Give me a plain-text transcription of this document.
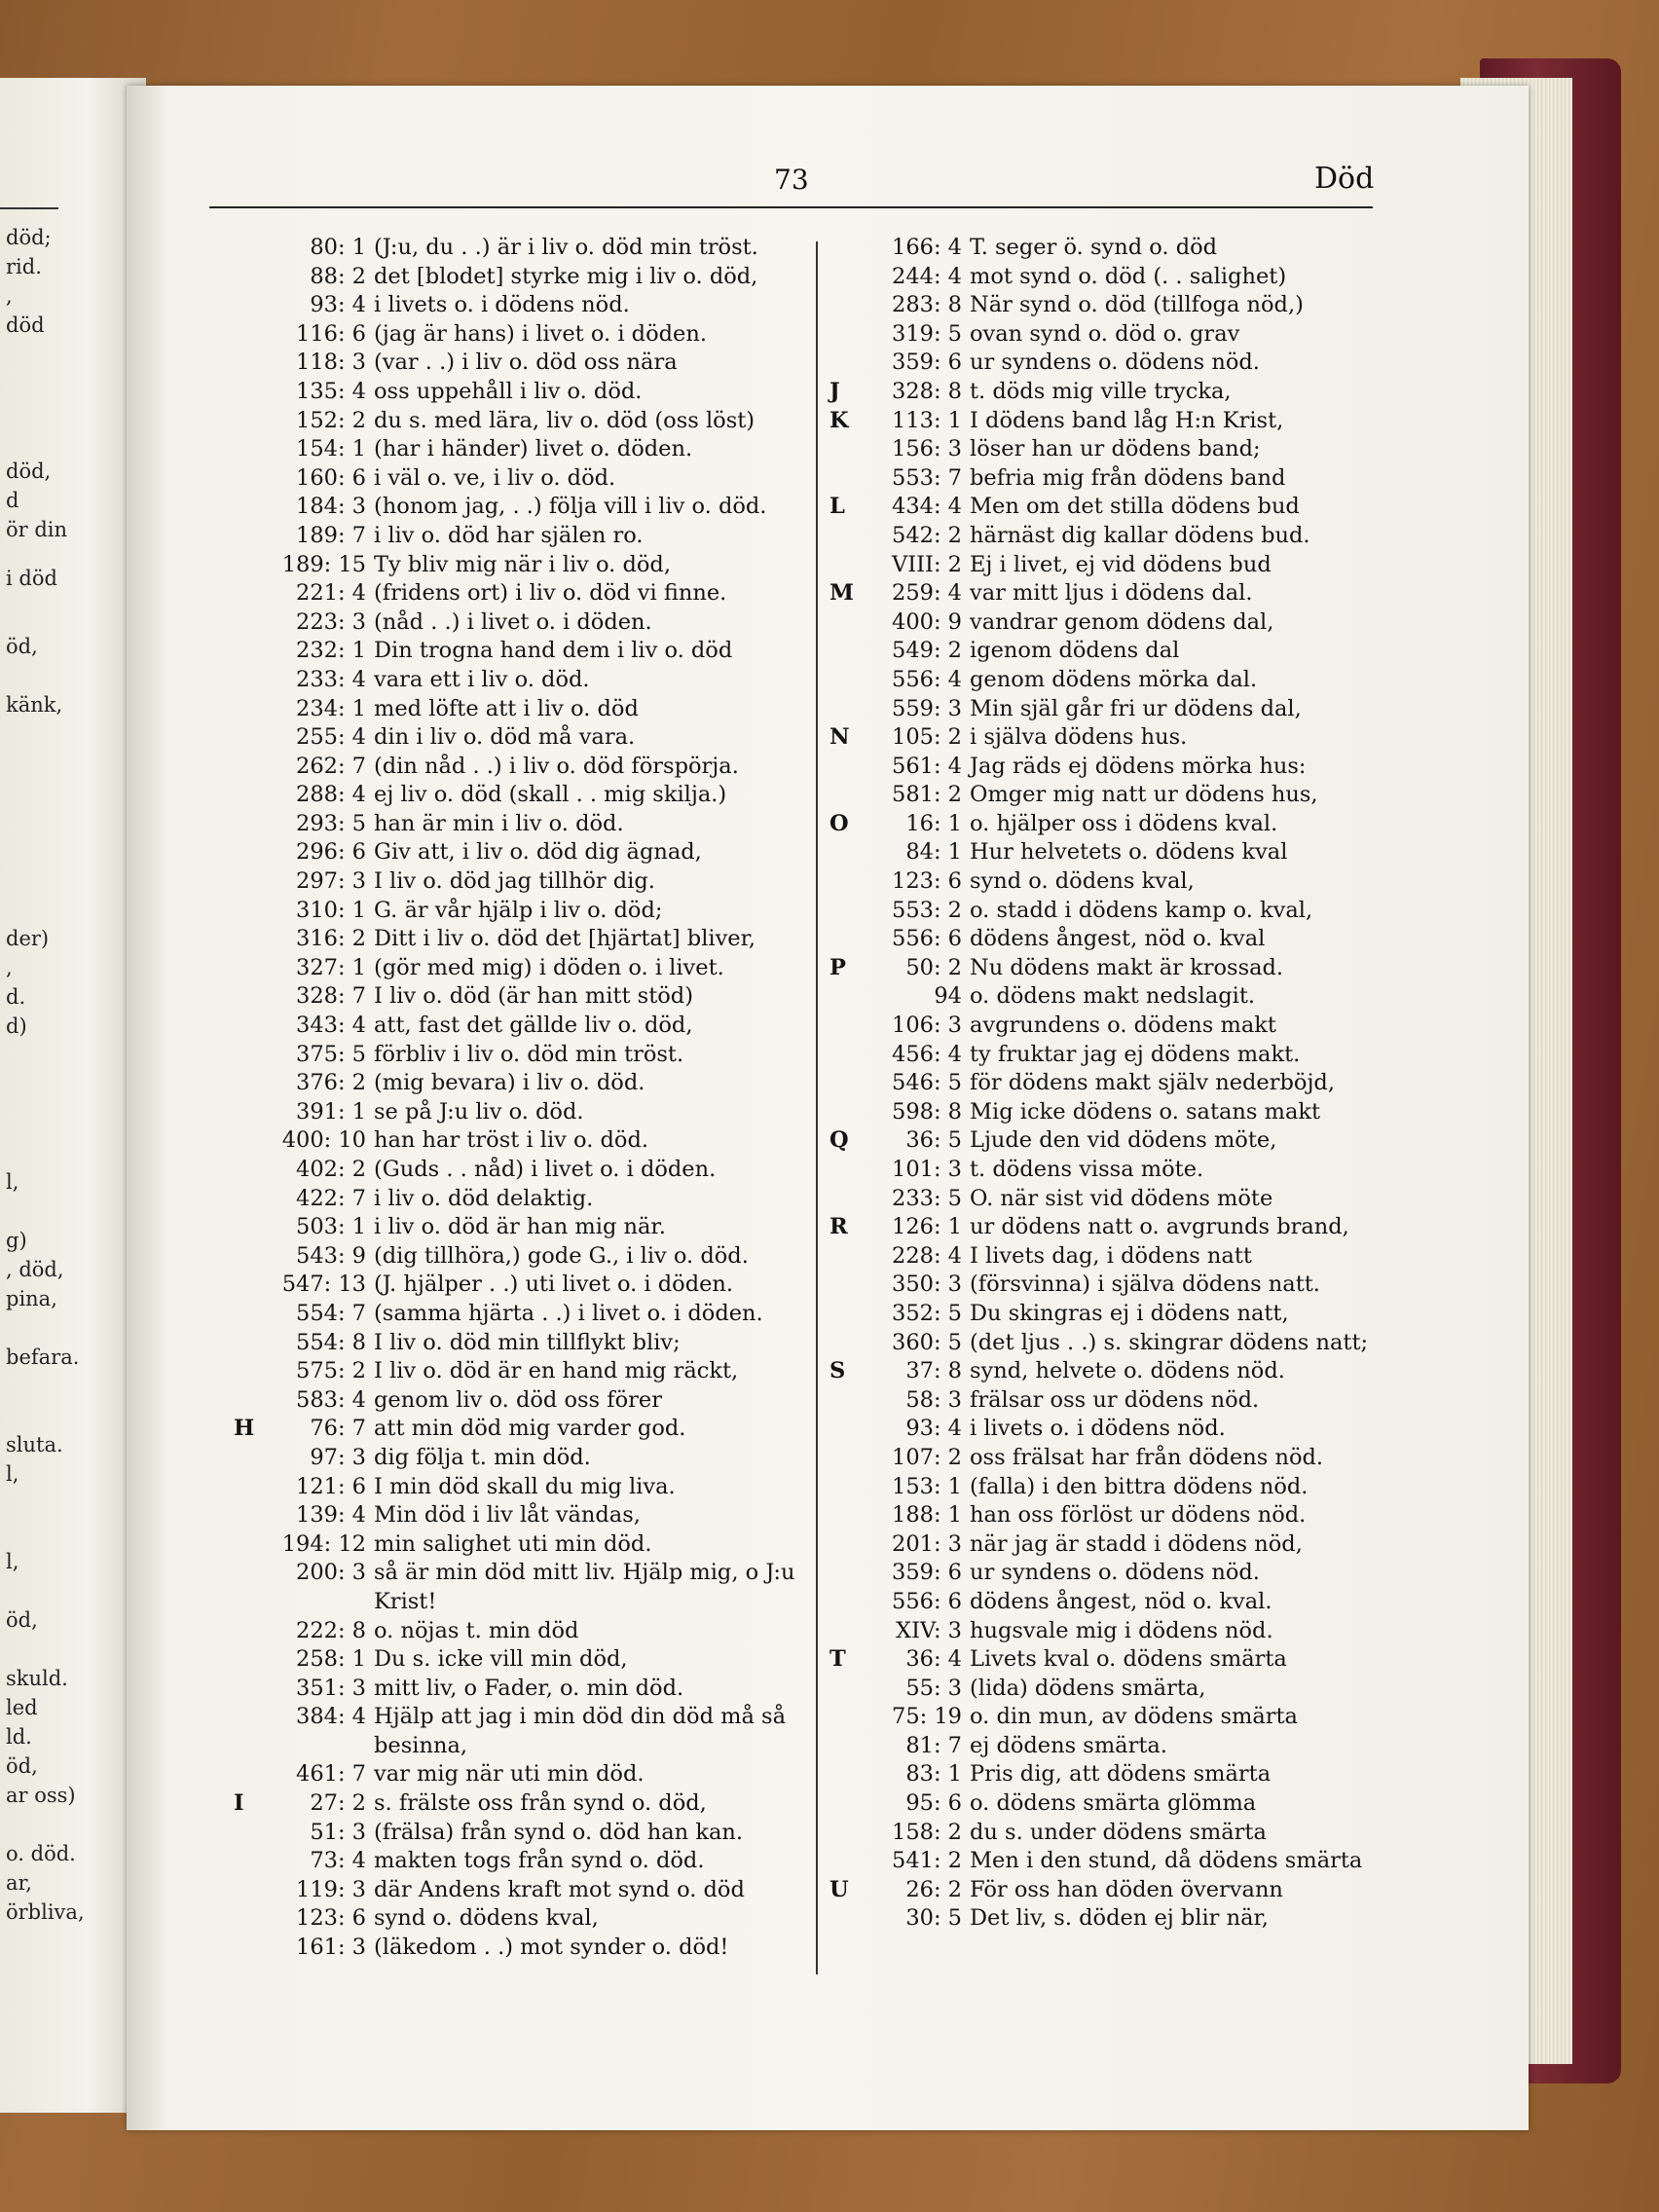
död;
rid.
,
död
död,
d
ör din
i död
öd,
känk,
der)
,
d.
d)
l,
g)
, död,
pina,
befara.
sluta.
l,
l,
öd,
skuld.
led
ld.
öd,
ar oss)
o. död.
ar,
örbliva,
73	Död
80: 1 (J:u, du . .) är i liv o. död min tröst.
88: 2 det [blodet] styrke mig i liv o. död,
93: 4 i livets o. i dödens nöd.
116: 6 (jag är hans) i livet o. i döden.
118: 3 (var . .) i liv o. död oss nära
135: 4 oss uppehåll i liv o. död.
152: 2 du s. med lära, liv o. död (oss löst)
154: 1 (har i händer) livet o. döden.
160: 6 i väl o. ve, i liv o. död.
184: 3 (honom jag, . .) följa vill i liv o. död.
189: 7 i liv o. död har själen ro.
189: 15 Ty bliv mig när i liv o. död,
221: 4 (fridens ort) i liv o. död vi finne.
223: 3 (nåd . .) i livet o. i döden.
232: 1 Din trogna hand dem i liv o. död
233: 4 vara ett i liv o. död.
234: 1 med löfte att i liv o. död
255: 4 din i liv o. död må vara.
262: 7 (din nåd . .) i liv o. död förspörja.
288: 4 ej liv o. död (skall . . mig skilja.)
293: 5 han är min i liv o. död.
296: 6 Giv att, i liv o. död dig ägnad,
297: 3 I liv o. död jag tillhör dig.
310: 1 G. är vår hjälp i liv o. död;
316: 2 Ditt i liv o. död det [hjärtat] bliver,
327: 1 (gör med mig) i döden o. i livet.
328: 7 I liv o. död (är han mitt stöd)
343: 4 att, fast det gällde liv o. död,
375: 5 förbliv i liv o. död min tröst.
376: 2 (mig bevara) i liv o. död.
391: 1 se på J:u liv o. död.
400: 10 han har tröst i liv o. död.
402: 2 (Guds . . nåd) i livet o. i döden.
422: 7 i liv o. död delaktig.
503: 1 i liv o. död är han mig när.
543: 9 (dig tillhöra,) gode G., i liv o. död.
547: 13 (J. hjälper . .) uti livet o. i döden.
554: 7 (samma hjärta . .) i livet o. i döden.
554: 8 I liv o. död min tillflykt bliv;
575: 2 I liv o. död är en hand mig räckt,
583: 4 genom liv o. död oss förer
H	76: 7 att min död mig varder god.
97: 3 dig följa t. min död.
121: 6 I min död skall du mig liva.
139: 4 Min död i liv låt vändas,
194: 12 min salighet uti min död.
200: 3 så är min död mitt liv. Hjälp mig, o J:u Krist!
222: 8 o. nöjas t. min död
258: 1 Du s. icke vill min död,
351: 3 mitt liv, o Fader, o. min död.
384: 4 Hjälp att jag i min död din död må så besinna,
461: 7 var mig när uti min död.
I	27: 2 s. frälste oss från synd o. död,
51: 3 (frälsa) från synd o. död han kan.
73: 4 makten togs från synd o. död.
119: 3 där Andens kraft mot synd o. död
123: 6 synd o. dödens kval,
161: 3 (läkedom . .) mot synder o. död!
166: 4 T. seger ö. synd o. död
244: 4 mot synd o. död (. . salighet)
283: 8 När synd o. död (tillfoga nöd,)
319: 5 ovan synd o. död o. grav
359: 6 ur syndens o. dödens nöd.
J	328: 8 t. döds mig ville trycka,
K	113: 1 I dödens band låg H:n Krist,
156: 3 löser han ur dödens band;
553: 7 befria mig från dödens band
L	434: 4 Men om det stilla dödens bud
542: 2 härnäst dig kallar dödens bud.
VIII: 2 Ej i livet, ej vid dödens bud
M	259: 4 var mitt ljus i dödens dal.
400: 9 vandrar genom dödens dal,
549: 2 igenom dödens dal
556: 4 genom dödens mörka dal.
559: 3 Min själ går fri ur dödens dal,
N	105: 2 i själva dödens hus.
561: 4 Jag räds ej dödens mörka hus:
581: 2 Omger mig natt ur dödens hus,
O	16: 1 o. hjälper oss i dödens kval.
84: 1 Hur helvetets o. dödens kval
123: 6 synd o. dödens kval,
553: 2 o. stadd i dödens kamp o. kval,
556: 6 dödens ångest, nöd o. kval
P	50: 2 Nu dödens makt är krossad.
94 o. dödens makt nedslagit.
106: 3 avgrundens o. dödens makt
456: 4 ty fruktar jag ej dödens makt.
546: 5 för dödens makt själv nederböjd,
598: 8 Mig icke dödens o. satans makt
Q	36: 5 Ljude den vid dödens möte,
101: 3 t. dödens vissa möte.
233: 5 O. när sist vid dödens möte
R	126: 1 ur dödens natt o. avgrunds brand,
228: 4 I livets dag, i dödens natt
350: 3 (försvinna) i själva dödens natt.
352: 5 Du skingras ej i dödens natt,
360: 5 (det ljus . .) s. skingrar dödens natt;
S	37: 8 synd, helvete o. dödens nöd.
58: 3 frälsar oss ur dödens nöd.
93: 4 i livets o. i dödens nöd.
107: 2 oss frälsat har från dödens nöd.
153: 1 (falla) i den bittra dödens nöd.
188: 1 han oss förlöst ur dödens nöd.
201: 3 när jag är stadd i dödens nöd,
359: 6 ur syndens o. dödens nöd.
556: 6 dödens ångest, nöd o. kval.
XIV: 3 hugsvale mig i dödens nöd.
T	36: 4 Livets kval o. dödens smärta
55: 3 (lida) dödens smärta,
75: 19 o. din mun, av dödens smärta
81: 7 ej dödens smärta.
83: 1 Pris dig, att dödens smärta
95: 6 o. dödens smärta glömma
158: 2 du s. under dödens smärta
541: 2 Men i den stund, då dödens smärta
U	26: 2 För oss han döden övervann
30: 5 Det liv, s. döden ej blir när,
